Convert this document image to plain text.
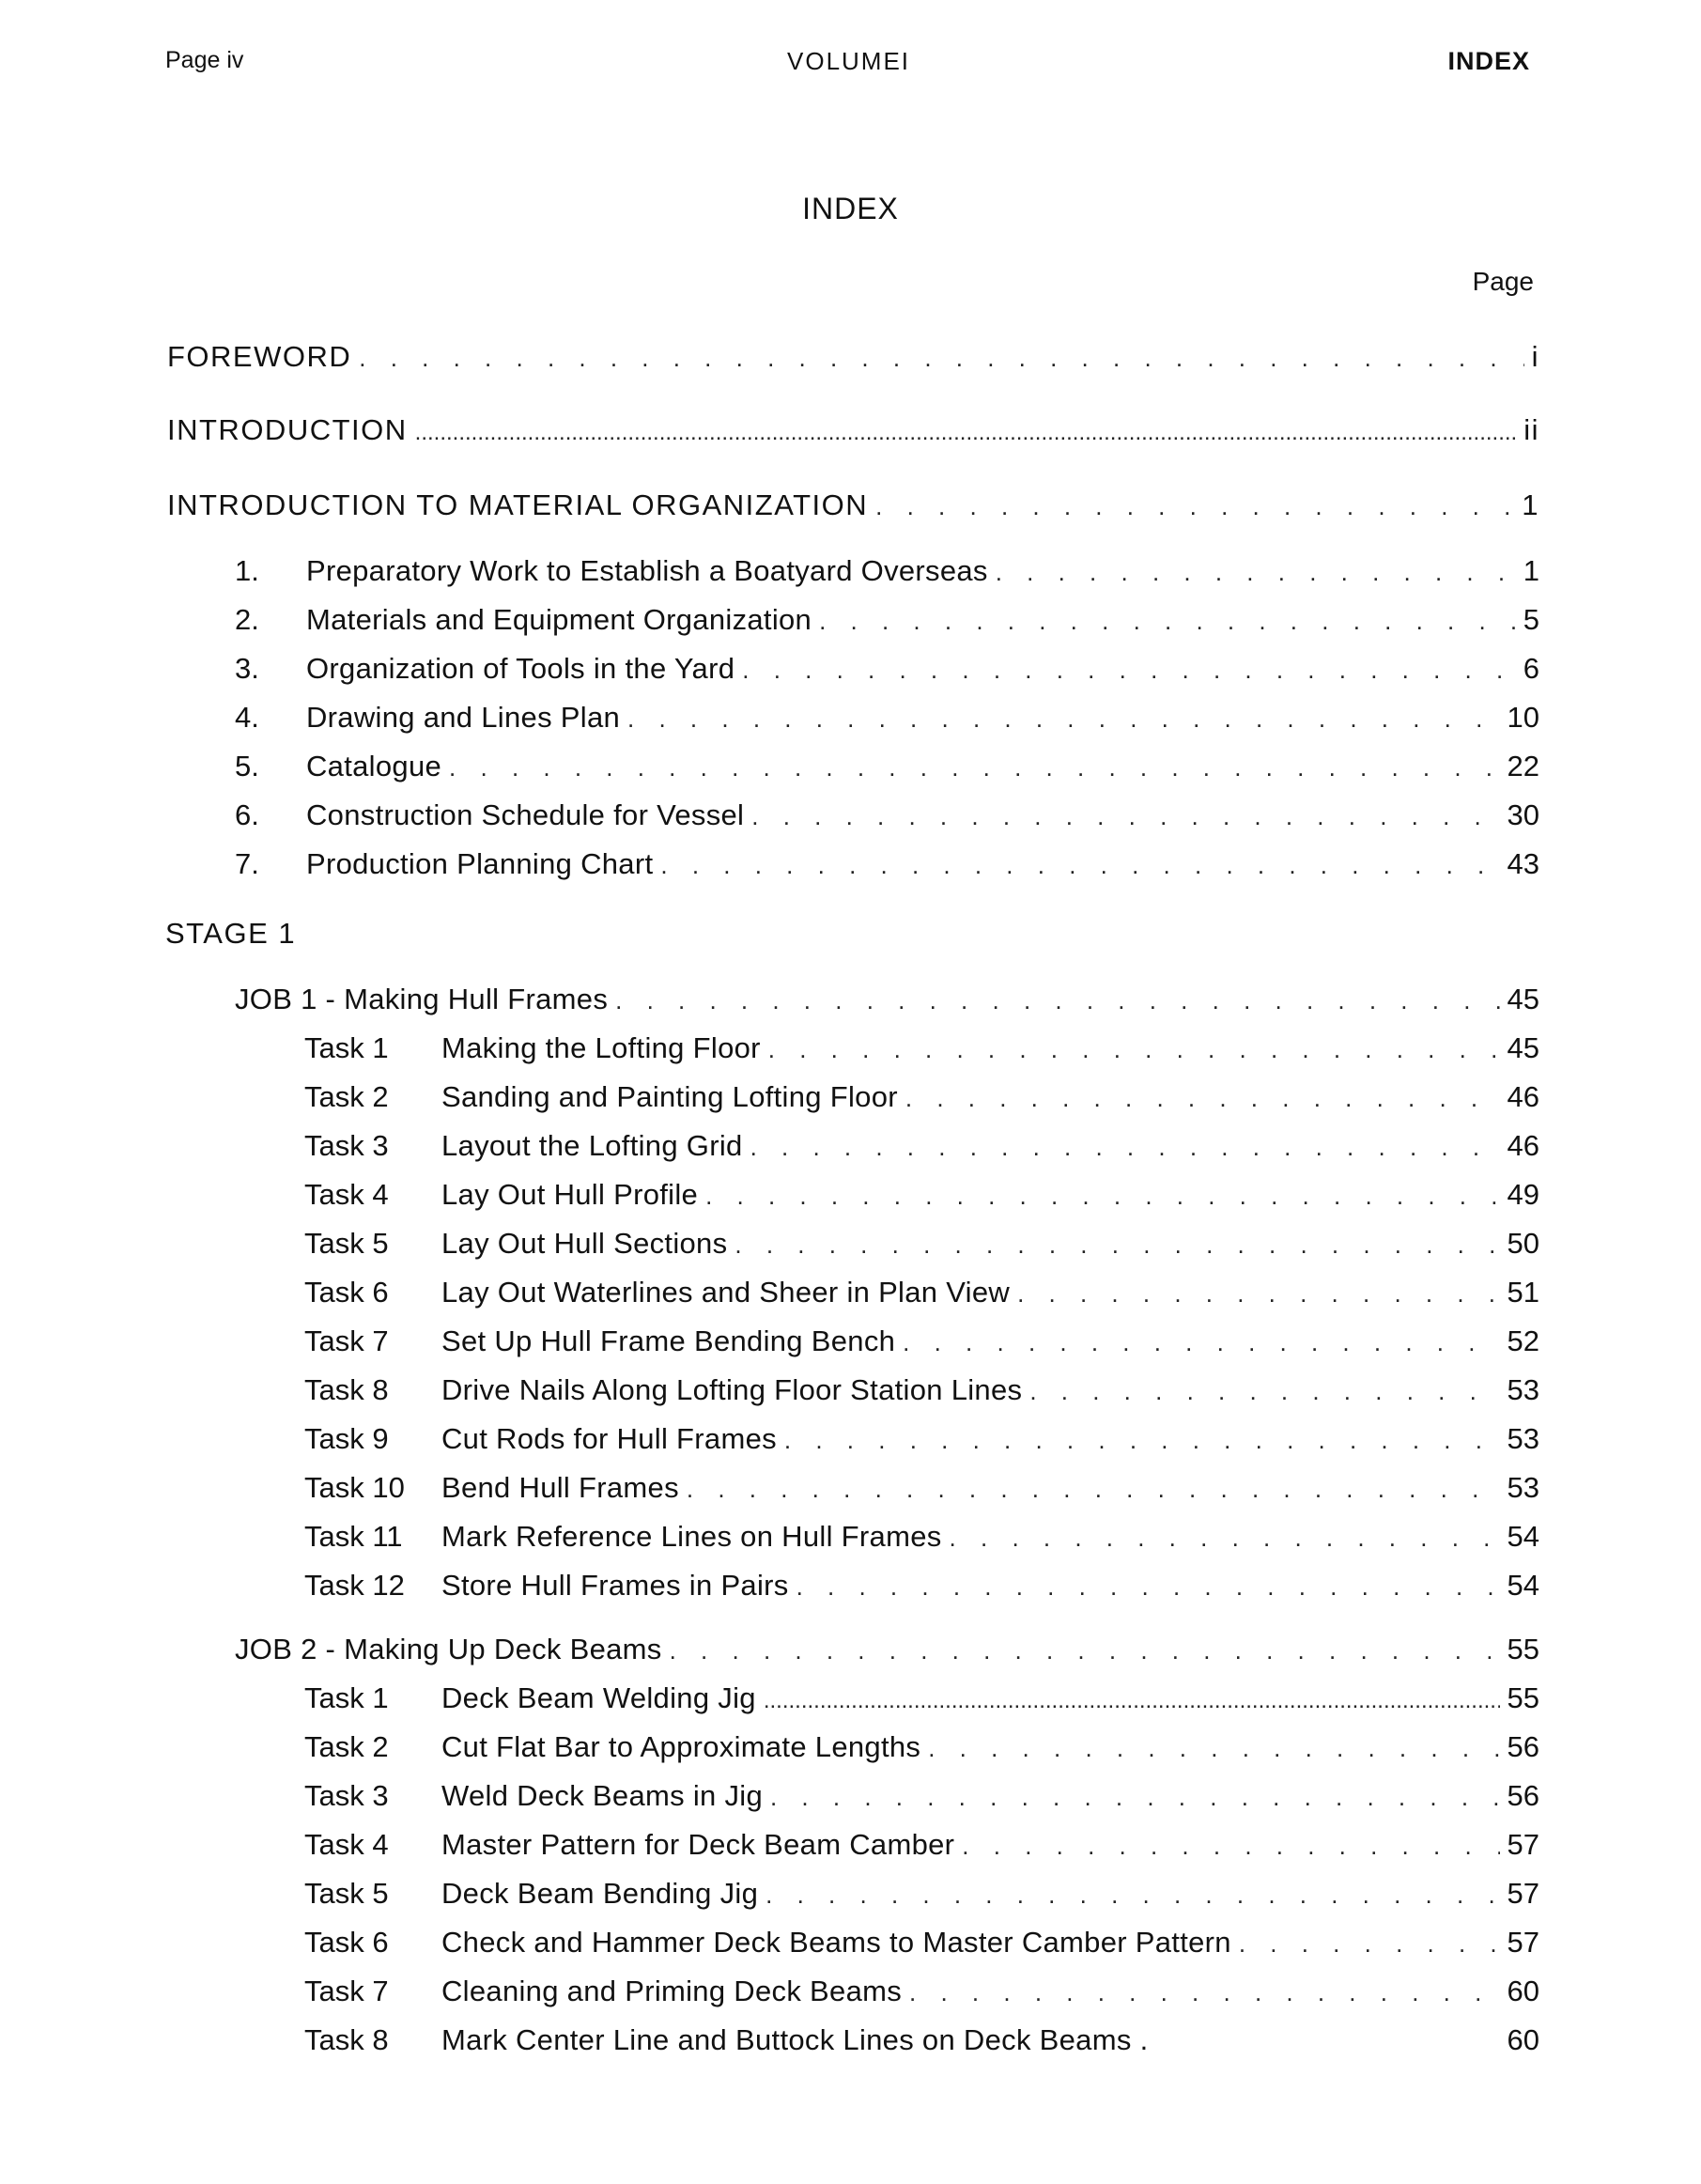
Page iv	VOLUMEI	INDEX
INDEX
Page
FOREWORD . . .	i
INTRODUCTION .....	ii
INTRODUCTION TO MATERIAL ORGANIZATION . . .	1
1.	Preparatory Work to Establish a Boatyard Overseas . . .	1
2.	Materials and Equipment Organization . . .	5
3.	Organization of Tools in the Yard . . .	6
4.	Drawing and Lines Plan . . .	10
5.	Catalogue . . .	22
6.	Construction Schedule for Vessel . . .	30
7.	Production Planning Chart . . .	43
STAGE 1
JOB 1 - Making Hull Frames . . .	45
Task 1	Making the Lofting Floor . . .	45
Task 2	Sanding and Painting Lofting Floor . . .	46
Task 3	Layout the Lofting Grid . . .	46
Task 4	Lay Out Hull Profile . . .	49
Task 5	Lay Out Hull Sections . . .	50
Task 6	Lay Out Waterlines and Sheer in Plan View . . .	51
Task 7	Set Up Hull Frame Bending Bench . . .	52
Task 8	Drive Nails Along Lofting Floor Station Lines . . .	53
Task 9	Cut Rods for Hull Frames . . .	53
Task 10	Bend Hull Frames . . .	53
Task 11	Mark Reference Lines on Hull Frames . . .	54
Task 12	Store Hull Frames in Pairs . . .	54
JOB 2 - Making Up Deck Beams . . .	55
Task 1	Deck Beam Welding Jig .....	55
Task 2	Cut Flat Bar to Approximate Lengths . . .	56
Task 3	Weld Deck Beams in Jig . . .	56
Task 4	Master Pattern for Deck Beam Camber . . .	57
Task 5	Deck Beam Bending Jig . . .	57
Task 6	Check and Hammer Deck Beams to Master Camber Pattern . . .	57
Task 7	Cleaning and Priming Deck Beams . . .	60
Task 8	Mark Center Line and Buttock Lines on Deck Beams .	60
